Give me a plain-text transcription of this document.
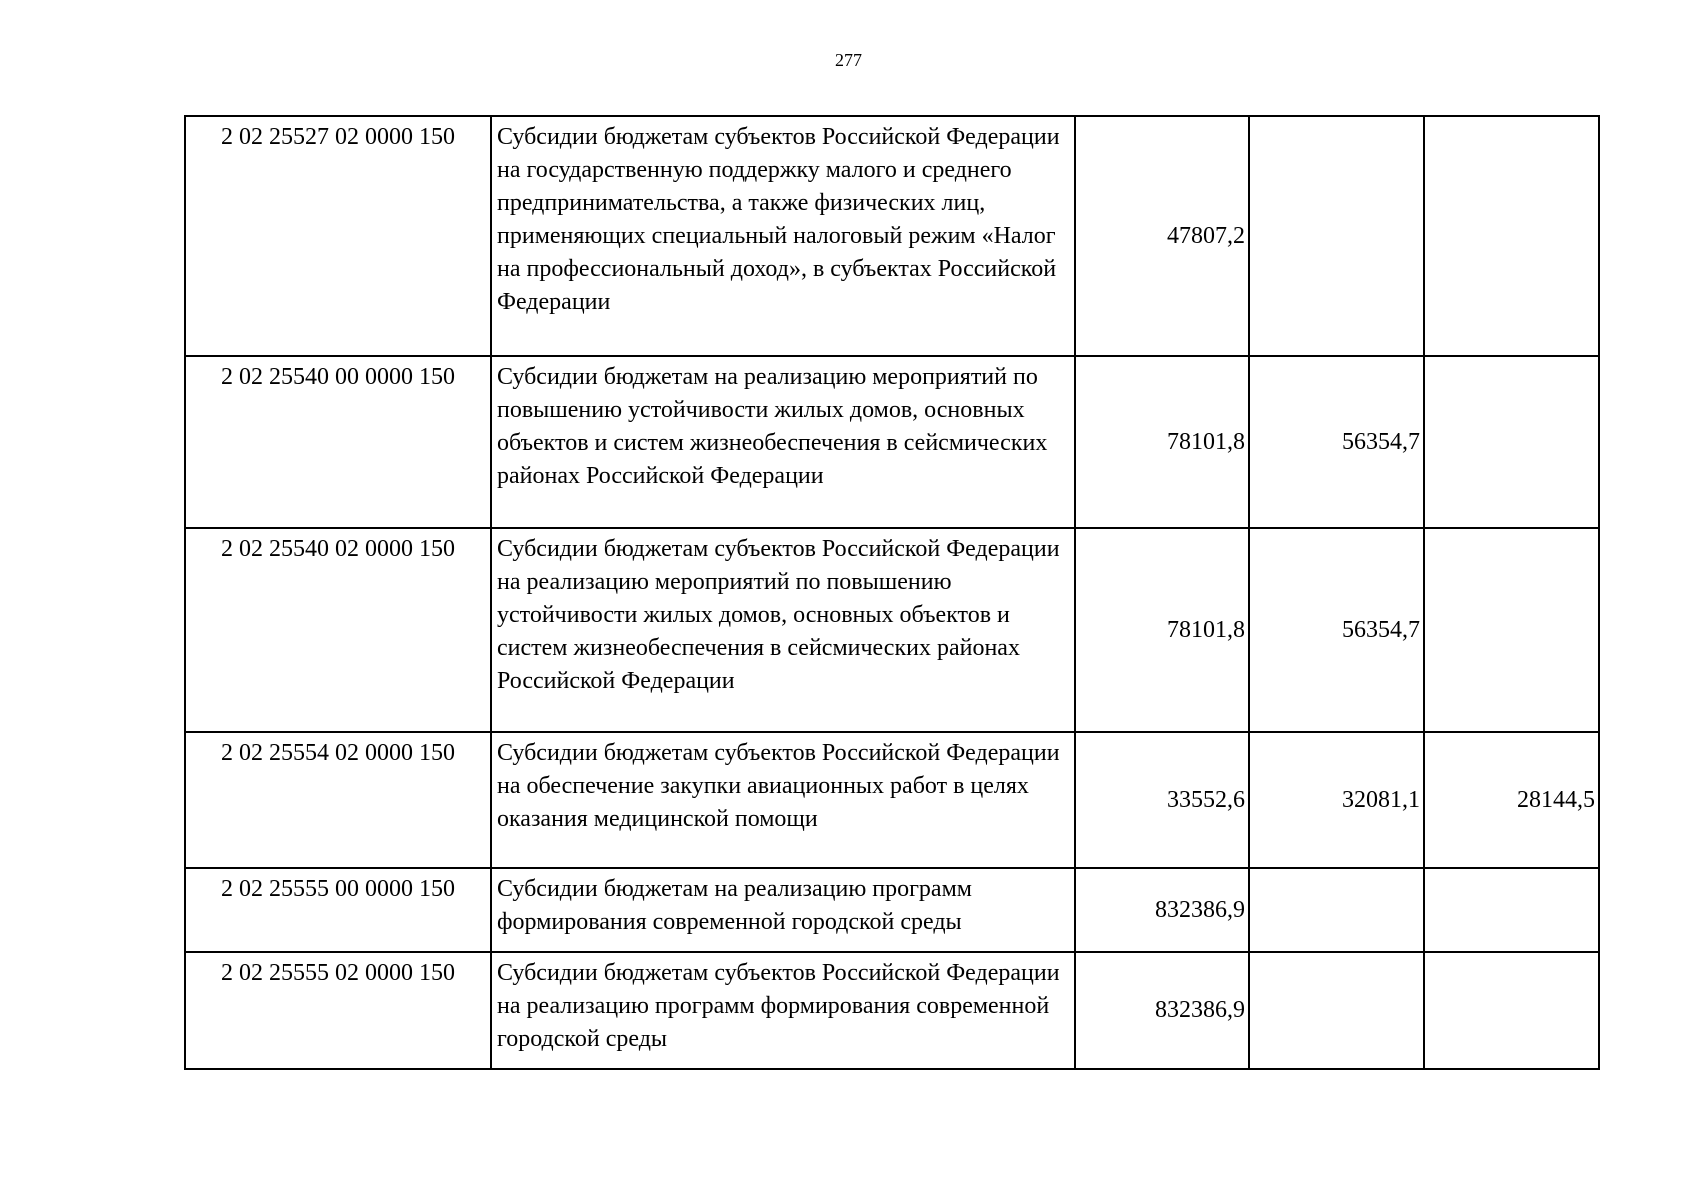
277
2 02 25527 02 0000 150	Субсидии бюджетам субъектов Российской Федерации на государственную поддержку малого и среднего предпринимательства, а также физических лиц, применяющих специальный налоговый режим «Налог на профессиональный доход», в субъектах Российской Федерации	47807,2		
2 02 25540 00 0000 150	Субсидии бюджетам на реализацию мероприятий по повышению устойчивости жилых домов, основных объектов и систем жизнеобеспечения в сейсмических районах Российской Федерации	78101,8	56354,7	
2 02 25540 02 0000 150	Субсидии бюджетам субъектов Российской Федерации на реализацию мероприятий по повышению устойчивости жилых домов, основных объектов и систем жизнеобеспечения в сейсмических районах Российской Федерации	78101,8	56354,7	
2 02 25554 02 0000 150	Субсидии бюджетам субъектов Российской Федерации на обеспечение закупки авиационных работ в целях оказания медицинской помощи	33552,6	32081,1	28144,5
2 02 25555 00 0000 150	Субсидии бюджетам на реализацию программ формирования современной городской среды	832386,9		
2 02 25555 02 0000 150	Субсидии бюджетам субъектов Российской Федерации на реализацию программ формирования современной городской среды	832386,9		
